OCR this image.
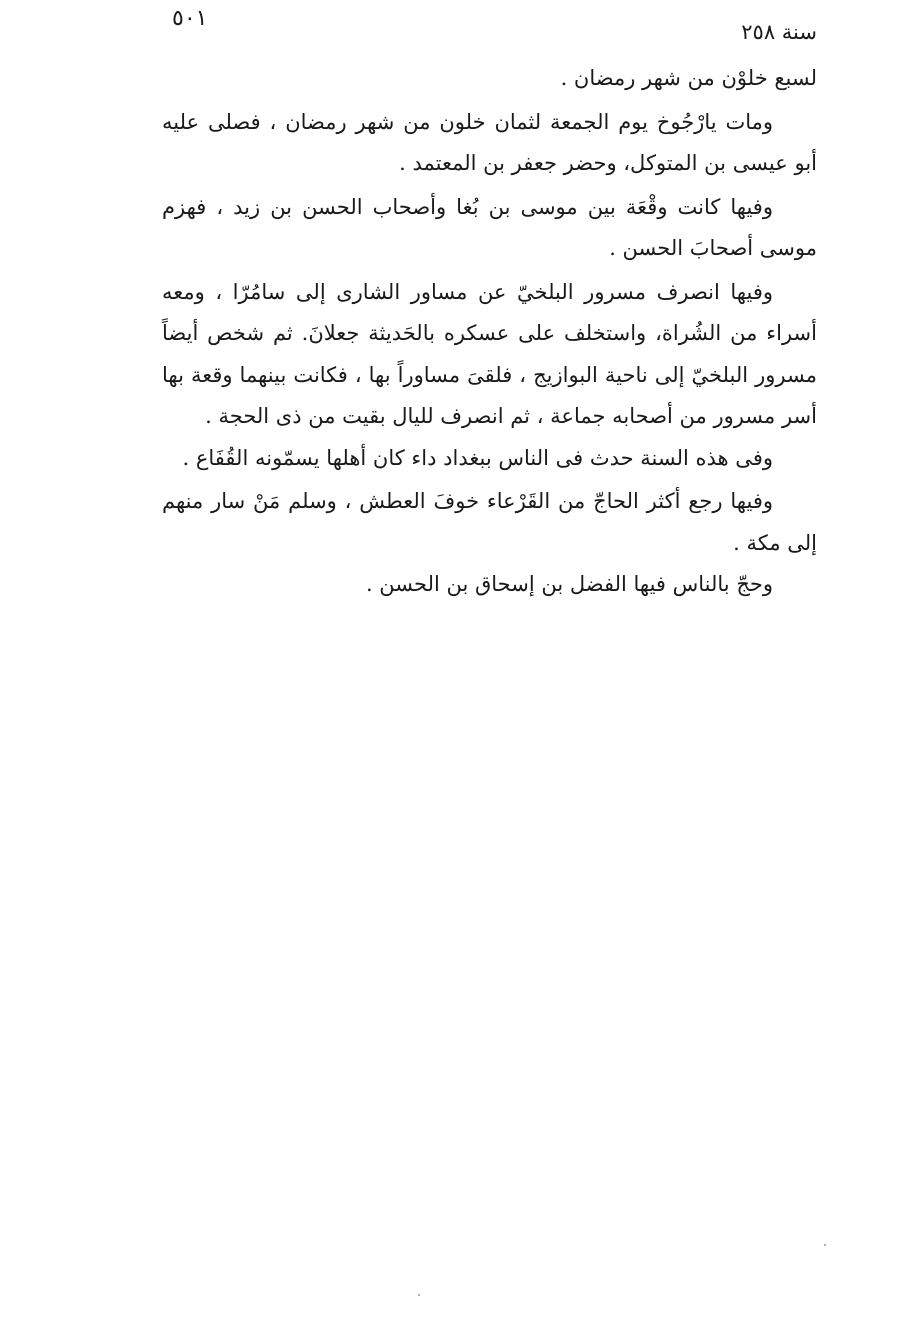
٥٠١
سنة ٢٥٨

لسبع خلوْن من شهر رمضان .

ومات يارْجُوخ يوم الجمعة لثمان خلون من شهر رمضان ، فصلى عليه أبو عيسى بن المتوكل، وحضر جعفر بن المعتمد .

وفيها كانت وقْعَة بين موسى بن بُغا وأصحاب الحسن بن زيد ، فهزم موسى أصحابَ الحسن .

وفيها انصرف مسرور البلخيّ عن مساور الشارى إلى سامُرّا ، ومعه أسراء من الشُراة، واستخلف على عسكره بالحَديثة جعلانَ. ثم شخص أيضاً مسرور البلخيّ إلى ناحية البوازيج ، فلقىَ مساوراً بها ، فكانت بينهما وقعة بها أسر مسرور من أصحابه جماعة ، ثم انصرف لليال بقيت من ذى الحجة .

وفى هذه السنة حدث فى الناس ببغداد داء كان أهلها يسمّونه القُفَاع .

وفيها رجع أكثر الحاجّ من القَرْعاء خوفَ العطش ، وسلم مَنْ سار منهم إلى مكة .

وحجّ بالناس فيها الفضل بن إسحاق بن الحسن .
